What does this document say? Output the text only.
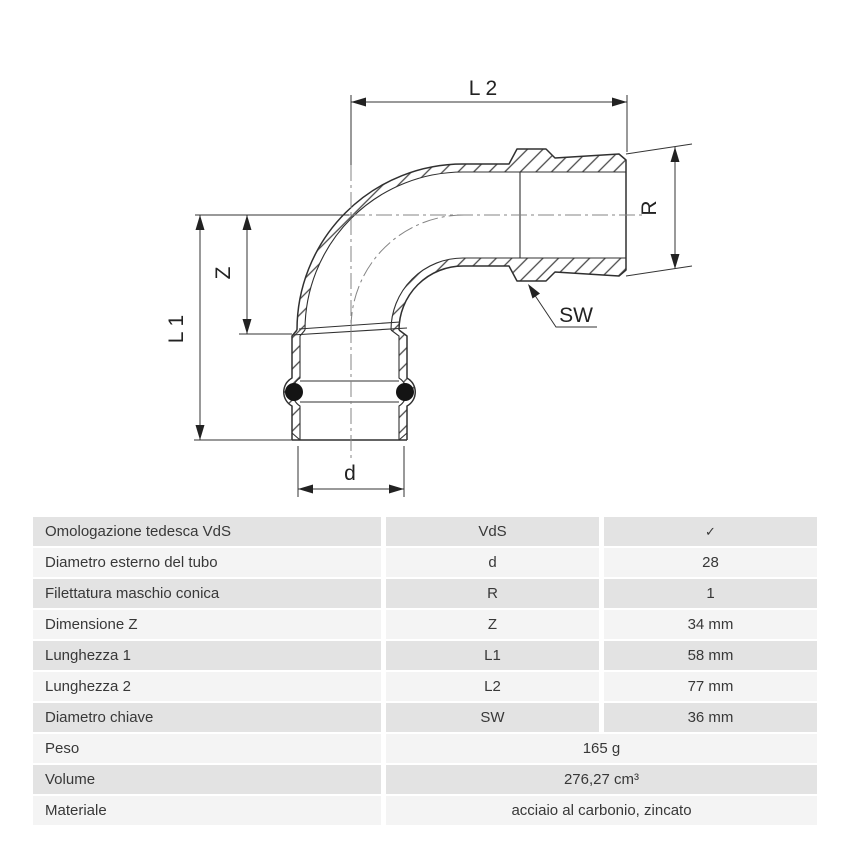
L 2
R
Z
L 1	SW
d
Omologazione tedesca VdS	VdS	✓
Diametro esterno del tubo	d	28
Filettatura maschio conica	R	1
Dimensione Z	Z	34 mm
Lunghezza 1	L1	58 mm
Lunghezza 2	L2	77 mm
Diametro chiave	SW	36 mm
Peso	165 g
Volume	276,27 cm³
Materiale	acciaio al carbonio, zincato
